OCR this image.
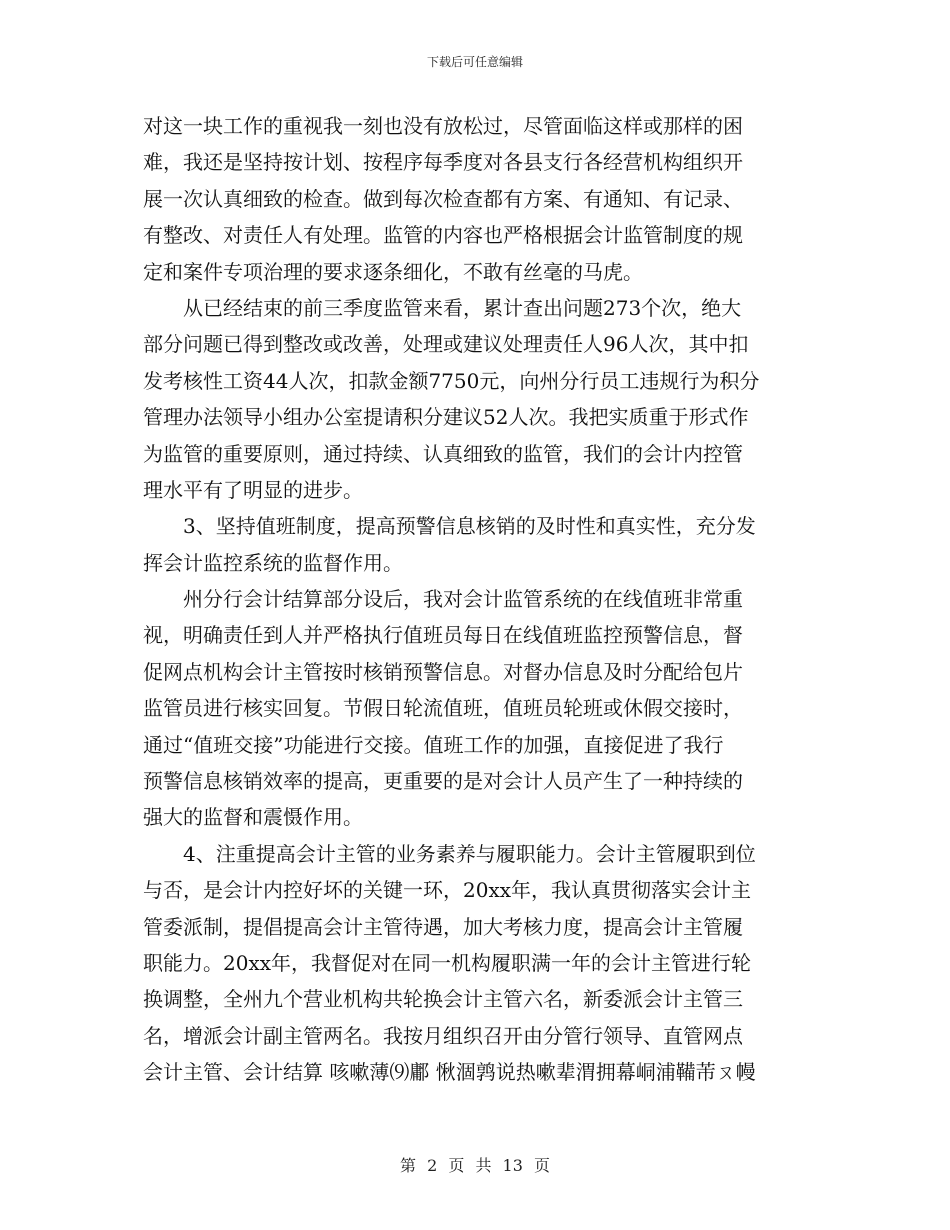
下载后可任意编辑
对这一块工作的重视我一刻也没有放松过，尽管面临这样或那样的困
难，我还是坚持按计划、按程序每季度对各县支行各经营机构组织开
展一次认真细致的检查。做到每次检查都有方案、有通知、有记录、
有整改、对责任人有处理。监管的内容也严格根据会计监管制度的规
定和案件专项治理的要求逐条细化，不敢有丝毫的马虎。
从已经结束的前三季度监管来看，累计查出问题273个次，绝大
部分问题已得到整改或改善，处理或建议处理责任人96人次，其中扣
发考核性工资44人次，扣款金额7750元，向州分行员工违规行为积分
管理办法领导小组办公室提请积分建议52人次。我把实质重于形式作
为监管的重要原则，通过持续、认真细致的监管，我们的会计内控管
理水平有了明显的进步。
3、坚持值班制度，提高预警信息核销的及时性和真实性，充分发
挥会计监控系统的监督作用。
州分行会计结算部分设后，我对会计监管系统的在线值班非常重
视，明确责任到人并严格执行值班员每日在线值班监控预警信息，督
促网点机构会计主管按时核销预警信息。对督办信息及时分配给包片
监管员进行核实回复。节假日轮流值班，值班员轮班或休假交接时，
通过“值班交接”功能进行交接。值班工作的加强，直接促进了我行
预警信息核销效率的提高，更重要的是对会计人员产生了一种持续的
强大的监督和震慑作用。
4、注重提高会计主管的业务素养与履职能力。会计主管履职到位
与否，是会计内控好坏的关键一环，20xx年，我认真贯彻落实会计主
管委派制，提倡提高会计主管待遇，加大考核力度，提高会计主管履
职能力。20xx年，我督促对在同一机构履职满一年的会计主管进行轮
换调整，全州九个营业机构共轮换会计主管六名，新委派会计主管三
名，增派会计副主管两名。我按月组织召开由分管行领导、直管网点
会计主管、会计结算 咳嗽薄⑼鄘 愀涸鹑说热嗽辈渭拥幕峒浦鞴芾ㄡ幔
第 2 页 共 13 页
